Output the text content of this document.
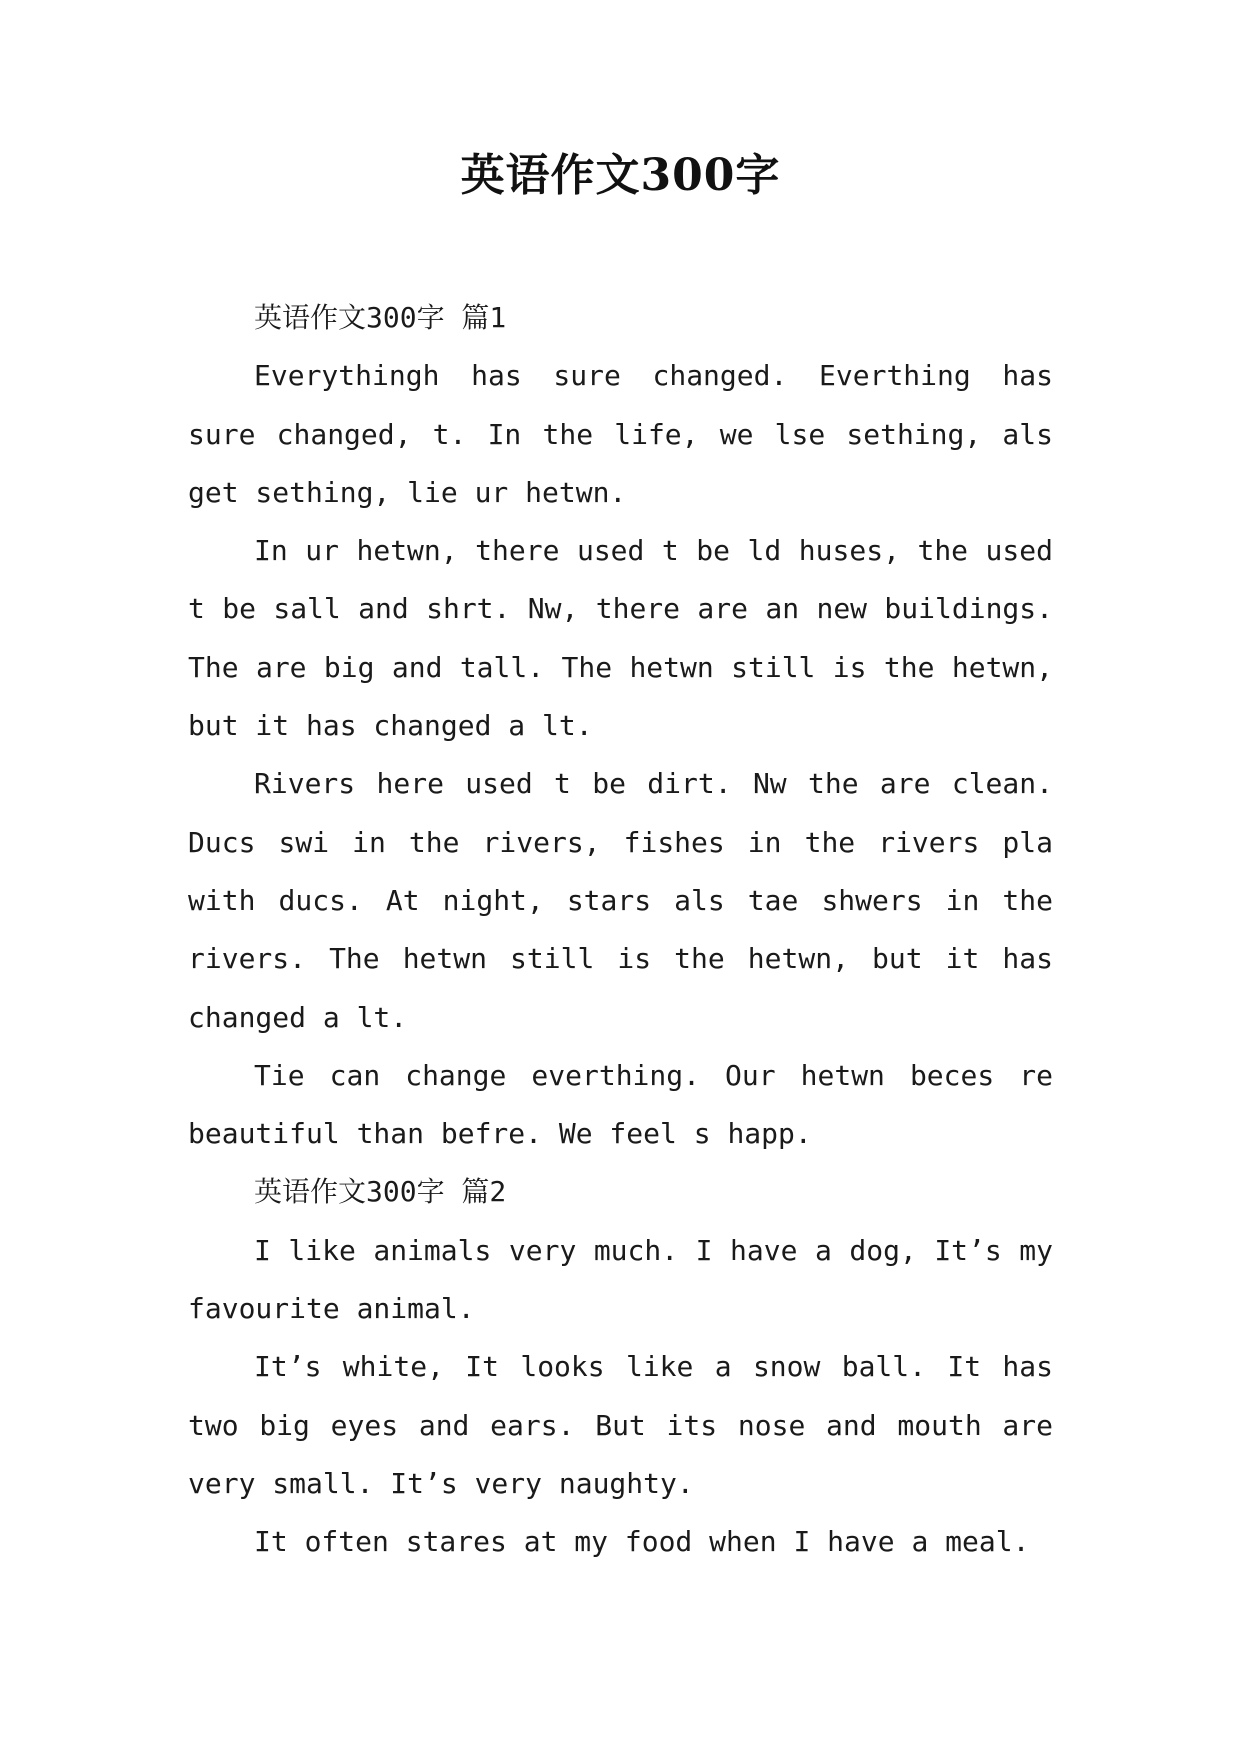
英语作文300字

英语作文300字 篇1

Everythingh has sure changed. Everthing has sure changed, t. In the life, we lse sething, als get sething, lie ur hetwn.

In ur hetwn, there used t be ld huses, the used t be sall and shrt. Nw, there are an new buildings. The are big and tall. The hetwn still is the hetwn, but it has changed a lt.

Rivers here used t be dirt. Nw the are clean. Ducs swi in the rivers, fishes in the rivers pla with ducs. At night, stars als tae shwers in the rivers. The hetwn still is the hetwn, but it has changed a lt.

Tie can change everthing. Our hetwn beces re beautiful than befre. We feel s happ.

英语作文300字 篇2

I like animals very much. I have a dog, It’s my favourite animal.

It’s white, It looks like a snow ball. It has two big eyes and ears. But its nose and mouth are very small. It’s very naughty.

It often stares at my food when I have a meal.
